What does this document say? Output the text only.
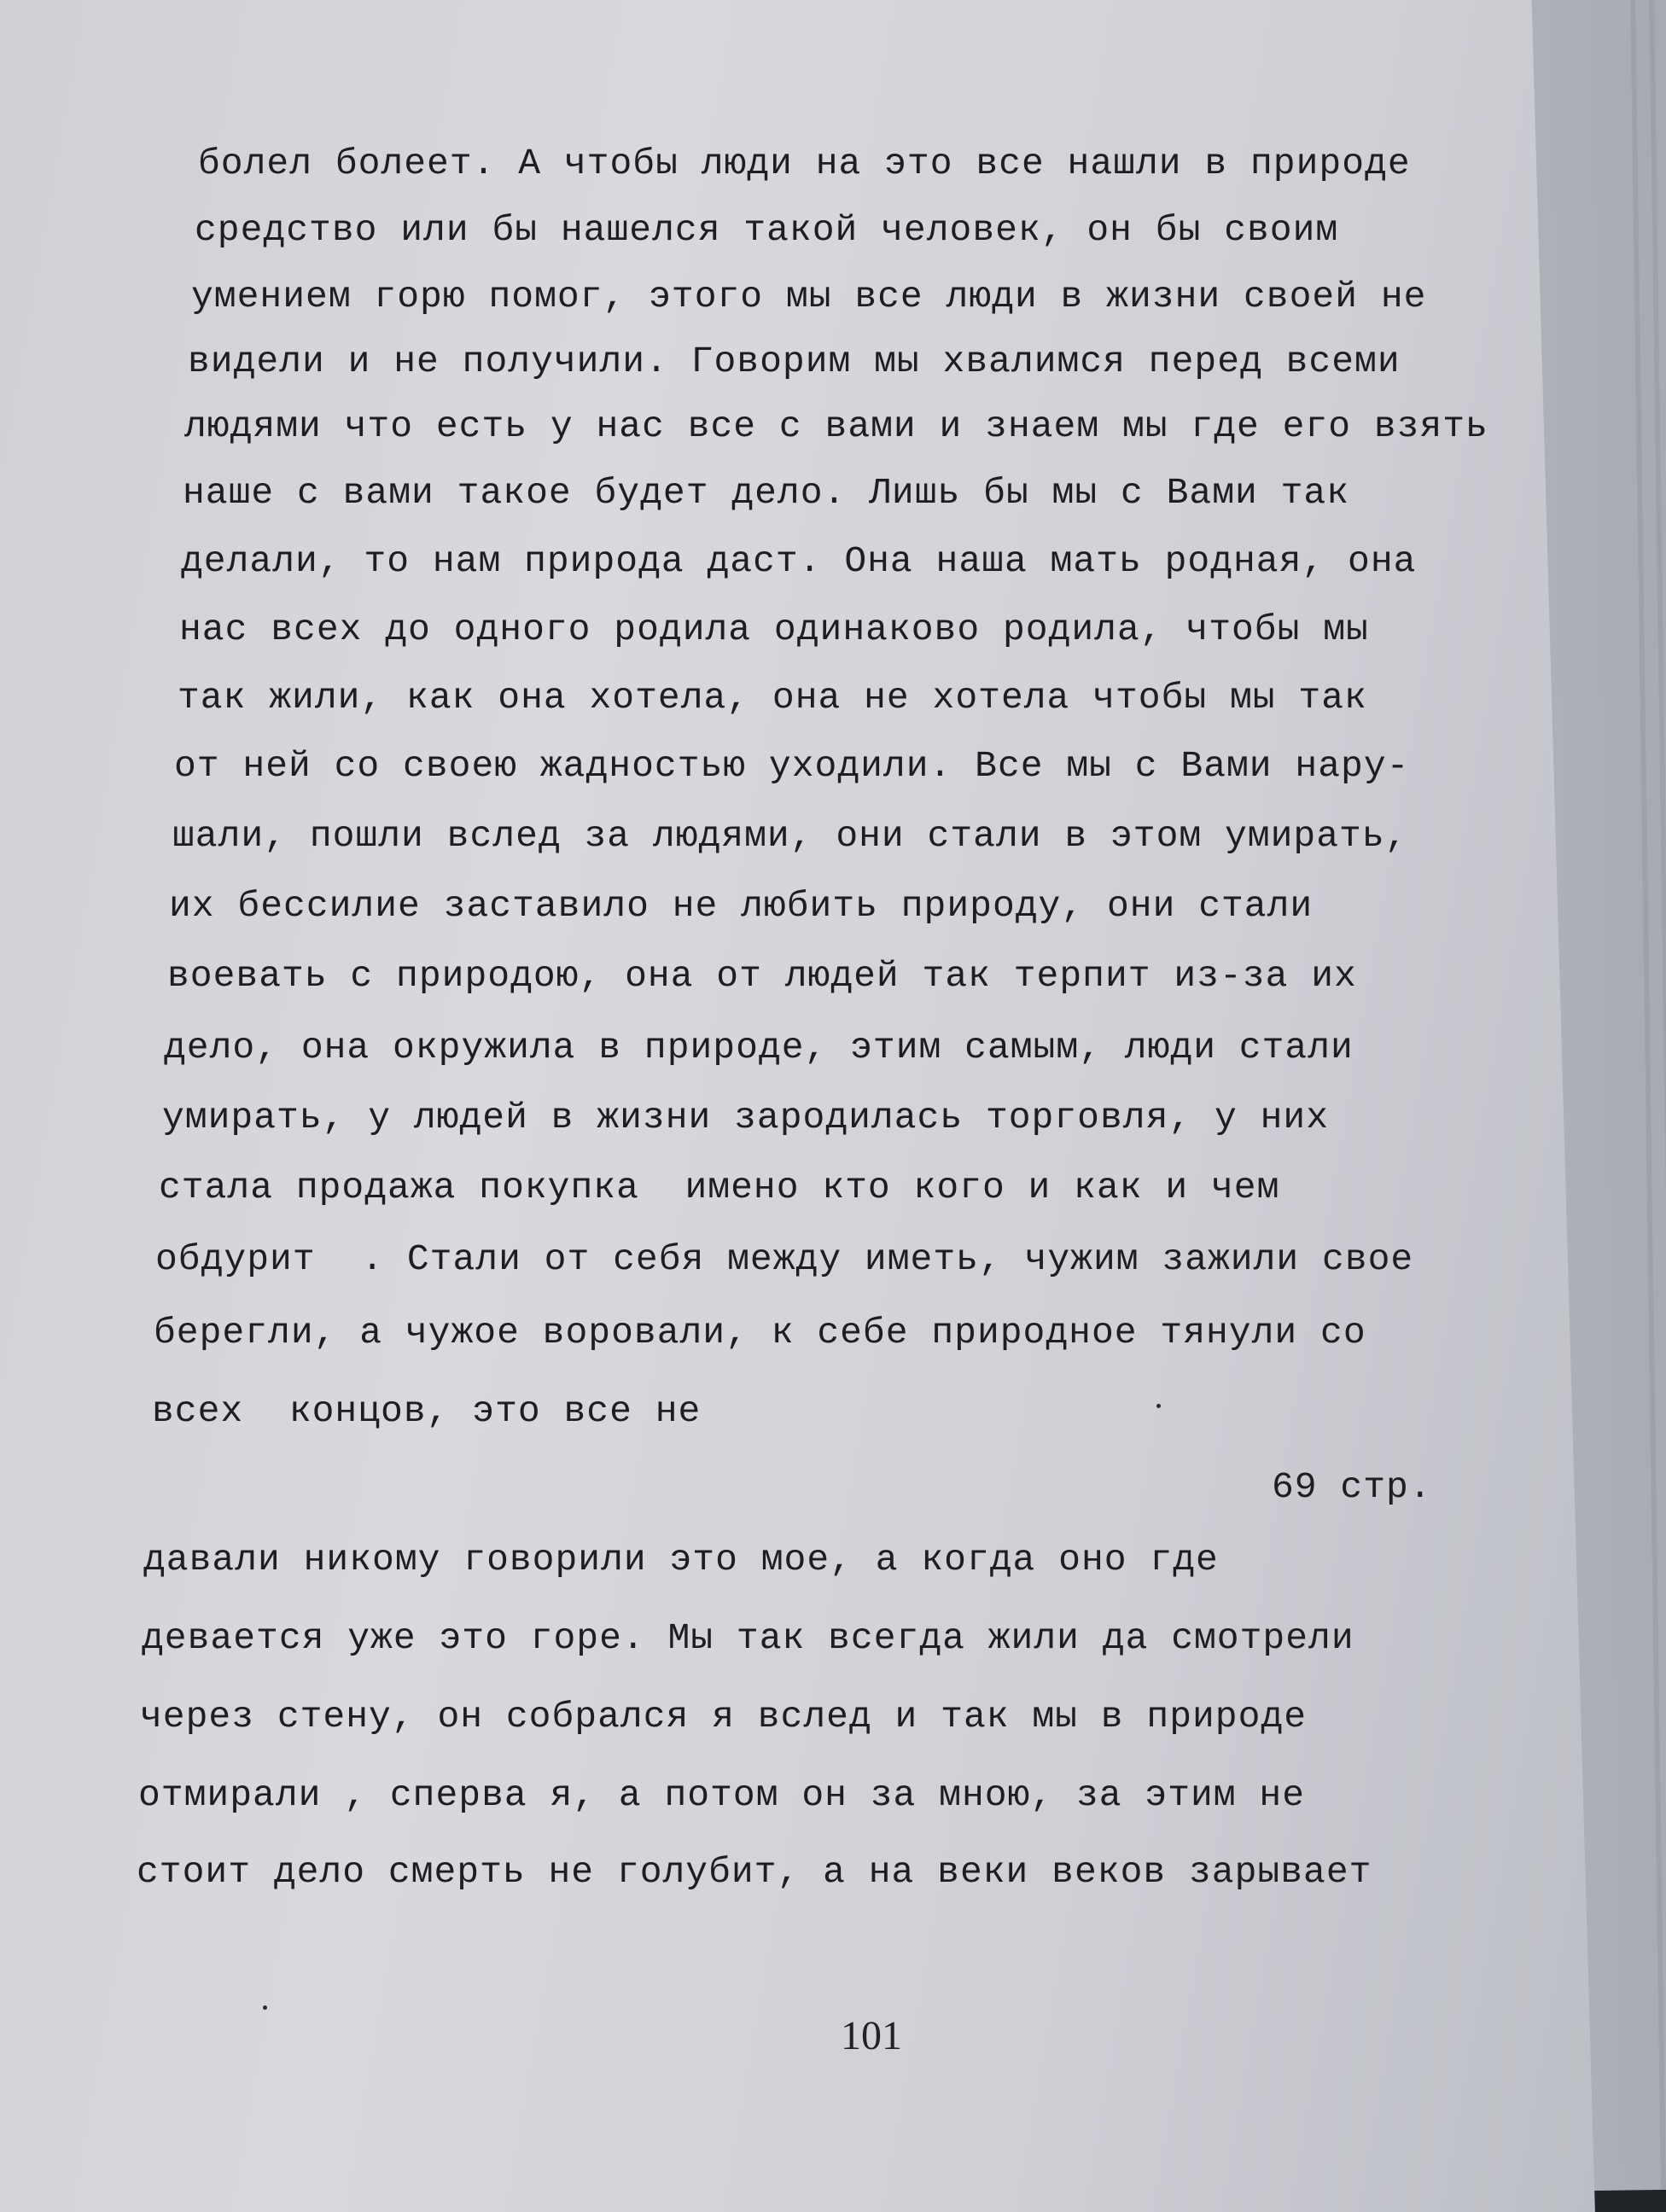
болел болеет. А чтобы люди на это все нашли в природе
средство или бы нашелся такой человек, он бы своим
умением горю помог, этого мы все люди в жизни своей не
видели и не получили. Говорим мы хвалимся перед всеми
людями что есть у нас все с вами и знаем мы где его взять
наше с вами такое будет дело. Лишь бы мы с Вами так
делали, то нам природа даст. Она наша мать родная, она
нас всех до одного родила одинаково родила, чтобы мы
так жили, как она хотела, она не хотела чтобы мы так
от ней со своею жадностью уходили. Все мы с Вами нару-
шали, пошли вслед за людями, они стали в этом умирать,
их бессилие заставило не любить природу, они стали
воевать с природою, она от людей так терпит из-за их
дело, она окружила в природе, этим самым, люди стали
умирать, у людей в жизни зародилась торговля, у них
стала продажа покупка  имено кто кого и как и чем
обдурит  . Стали от себя между иметь, чужим зажили свое
берегли, а чужое воровали, к себе природное тянули со
всех  концов, это все не
69 стр.
давали никому говорили это мое, а когда оно где
девается уже это горе. Мы так всегда жили да смотрели
через стену, он собрался я вслед и так мы в природе
отмирали , сперва я, а потом он за мною, за этим не
стоит дело смерть не голубит, а на веки веков зарывает
101
